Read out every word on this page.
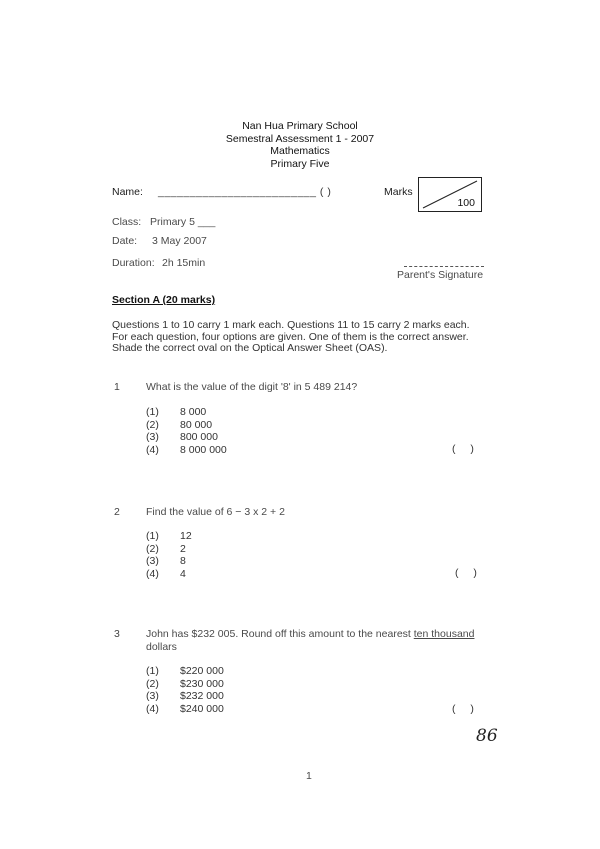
Nan Hua Primary School
Semestral Assessment 1 - 2007
Mathematics
Primary Five
Name: _________________________ ( )	Marks
100
Class: Primary 5 ___
Date: 3 May 2007
Duration: 2h 15min
Parent's Signature
Section A (20 marks)
Questions 1 to 10 carry 1 mark each. Questions 11 to 15 carry 2 marks each.
For each question, four options are given. One of them is the correct answer.
Shade the correct oval on the Optical Answer Sheet (OAS).
1 What is the value of the digit '8' in 5 489 214?
(1) 8 000
(2) 80 000
(3) 800 000
(4) 8 000 000	( )
2 Find the value of 6 − 3 x 2 + 2
(1) 12
(2) 2
(3) 8
(4) 4	( )
3 John has $232 005. Round off this amount to the nearest ten thousand
dollars
(1) $220 000
(2) $230 000
(3) $232 000
(4) $240 000	( )
86
1
